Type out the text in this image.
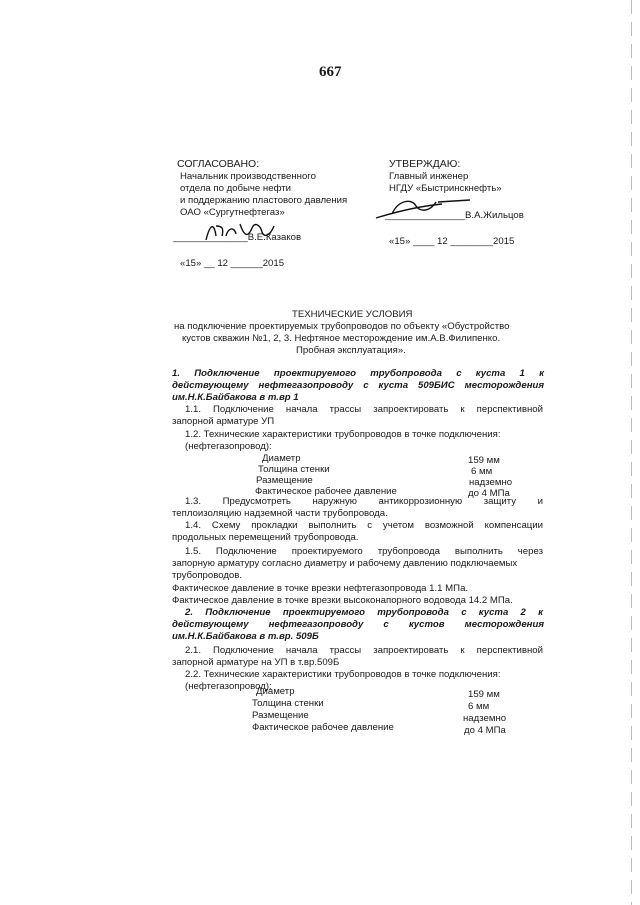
667
СОГЛАСОВАНО:
Начальник производственного
отдела по добыче нефти
и поддержанию пластового давления
ОАО «Сургутнефтегаз»
______________В.Е.Казаков
«15» __ 12 ______2015
УТВЕРЖДАЮ:
Главный инженер
НГДУ «Быстринскнефть»
_______________В.А.Жильцов
«15» ____ 12 ________2015
ТЕХНИЧЕСКИЕ УСЛОВИЯ
на подключение проектируемых трубопроводов по объекту «Обустройство
кустов скважин №1, 2, 3. Нефтяное месторождение им.А.В.Филипенко.
Пробная эксплуатация».
1. Подключение проектируемого трубопровода с куста 1 к
действующему нефтегазопроводу с куста 509БИС месторождения
им.Н.К.Байбакова в т.вр 1
1.1. Подключение начала трассы запроектировать к перспективной
запорной арматуре УП
1.2. Технические характеристики трубопроводов в точке подключения:
(нефтегазопровод):
Диаметр	159 мм
Толщина стенки	6 мм
Размещение	надземно
Фактическое рабочее давление	до 4 МПа
1.3. Предусмотреть наружную антикоррозионную защиту и
теплоизоляцию надземной части трубопровода.
1.4. Схему прокладки выполнить с учетом возможной компенсации
продольных перемещений трубопровода.
1.5. Подключение проектируемого трубопровода выполнить через
запорную арматуру согласно диаметру и рабочему давлению подключаемых
трубопроводов.
Фактическое давление в точке врезки нефтегазопровода 1.1 МПа.
Фактическое давление в точке врезки высоконапорного водовода 14.2 МПа.
2. Подключение проектируемого трубопровода с куста 2 к
действующему нефтегазопроводу с кустов месторождения
им.Н.К.Байбакова в т.вр. 509Б
2.1. Подключение начала трассы запроектировать к перспективной
запорной арматуре на УП в т.вр.509Б
2.2. Технические характеристики трубопроводов в точке подключения:
(нефтегазопровод):
Диаметр	159 мм
Толщина стенки	6 мм
Размещение	надземно
Фактическое рабочее давление	до 4 МПа
